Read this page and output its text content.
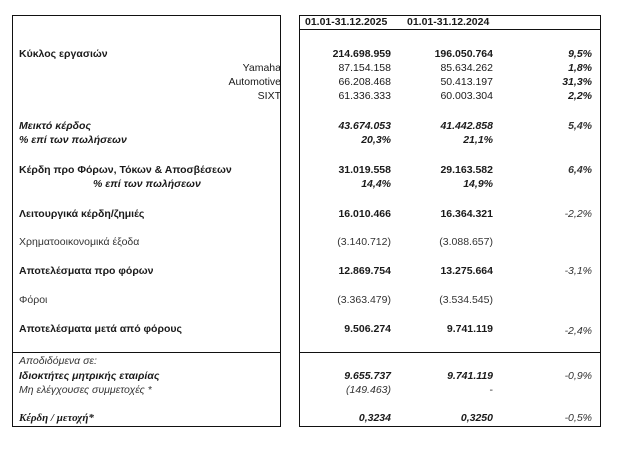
01.01-31.12.2025 01.01-31.12.2024
Κύκλος εργασιών	214.698.959	196.050.764	9,5%
Yamaha	87.154.158	85.634.262	1,8%
Automotive	66.208.468	50.413.197	31,3%
SIXT	61.336.333	60.003.304	2,2%
Μεικτό κέρδος	43.674.053	41.442.858	5,4%
% επί των πωλήσεων	20,3%	21,1%
Κέρδη προ Φόρων, Τόκων & Αποσβέσεων	31.019.558	29.163.582	6,4%
% επί των πωλήσεων	14,4%	14,9%
Λειτουργικά κέρδη/ζημιές	16.010.466	16.364.321	-2,2%
Χρηματοοικονομικά έξοδα	(3.140.712)	(3.088.657)
Αποτελέσματα προ φόρων	12.869.754	13.275.664	-3,1%
Φόροι	(3.363.479)	(3.534.545)
Αποτελέσματα μετά από φόρους	9.506.274	9.741.119	-2,4%
Αποδιδόμενα σε:
Ιδιοκτήτες μητρικής εταιρίας	9.655.737	9.741.119	-0,9%
Μη ελέγχουσες συμμετοχές *	(149.463)	-
Κέρδη / μετοχή*	0,3234	0,3250	-0,5%
